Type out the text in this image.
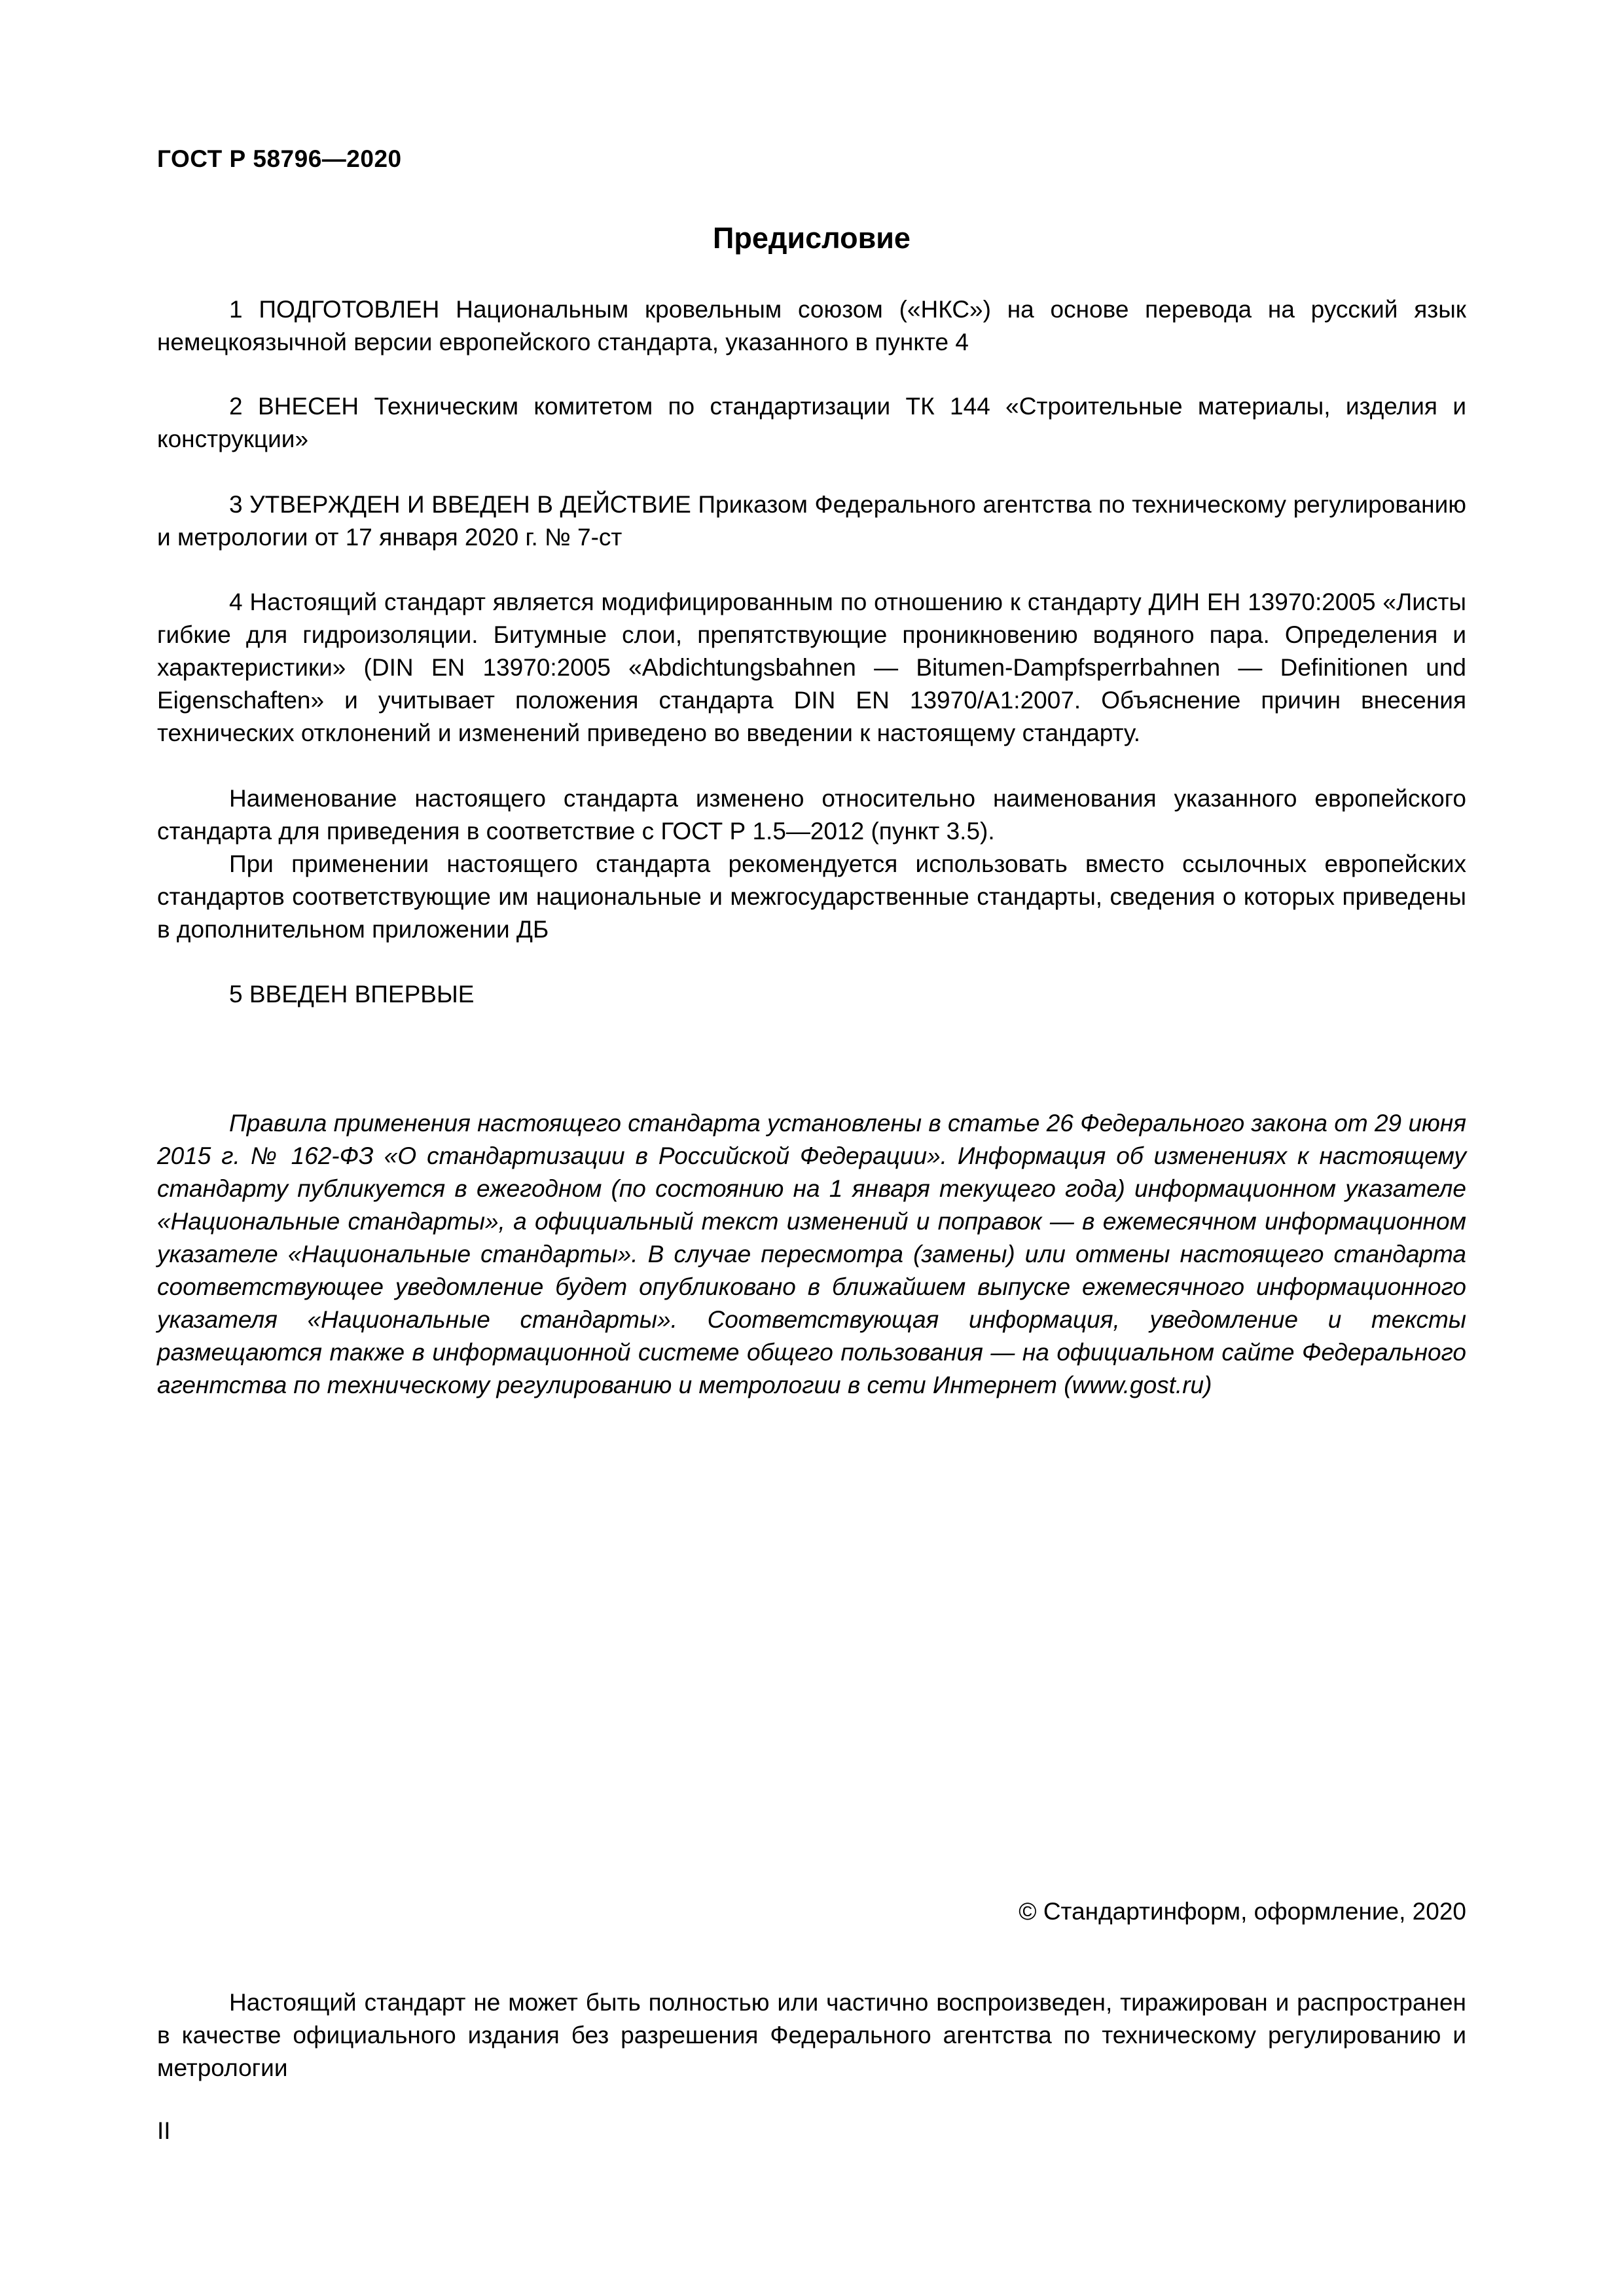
ГОСТ Р 58796—2020
Предисловие
1 ПОДГОТОВЛЕН Национальным кровельным союзом («НКС») на основе перевода на русский язык немецкоязычной версии европейского стандарта, указанного в пункте 4
2 ВНЕСЕН Техническим комитетом по стандартизации ТК 144 «Строительные материалы, изделия и конструкции»
3 УТВЕРЖДЕН И ВВЕДЕН В ДЕЙСТВИЕ Приказом Федерального агентства по техническому регулированию и метрологии от 17 января 2020 г. № 7-ст
4 Настоящий стандарт является модифицированным по отношению к стандарту ДИН ЕН 13970:2005 «Листы гибкие для гидроизоляции. Битумные слои, препятствующие проникновению водяного пара. Определения и характеристики» (DIN EN 13970:2005 «Abdichtungsbahnen — Bitumen-Dampfsperrbahnen — Definitionen und Eigenschaften» и учитывает положения стандарта DIN EN 13970/A1:2007. Объяснение причин внесения технических отклонений и изменений приведено во введении к настоящему стандарту.
Наименование настоящего стандарта изменено относительно наименования указанного европейского стандарта для приведения в соответствие с ГОСТ Р 1.5—2012 (пункт 3.5).
При применении настоящего стандарта рекомендуется использовать вместо ссылочных европейских стандартов соответствующие им национальные и межгосударственные стандарты, сведения о которых приведены в дополнительном приложении ДБ
5 ВВЕДЕН ВПЕРВЫЕ
Правила применения настоящего стандарта установлены в статье 26 Федерального закона от 29 июня 2015 г. № 162-ФЗ «О стандартизации в Российской Федерации». Информация об изменениях к настоящему стандарту публикуется в ежегодном (по состоянию на 1 января текущего года) информационном указателе «Национальные стандарты», а официальный текст изменений и поправок — в ежемесячном информационном указателе «Национальные стандарты». В случае пересмотра (замены) или отмены настоящего стандарта соответствующее уведомление будет опубликовано в ближайшем выпуске ежемесячного информационного указателя «Национальные стандарты». Соответствующая информация, уведомление и тексты размещаются также в информационной системе общего пользования — на официальном сайте Федерального агентства по техническому регулированию и метрологии в сети Интернет (www.gost.ru)
© Стандартинформ, оформление, 2020
Настоящий стандарт не может быть полностью или частично воспроизведен, тиражирован и распространен в качестве официального издания без разрешения Федерального агентства по техническому регулированию и метрологии
II
